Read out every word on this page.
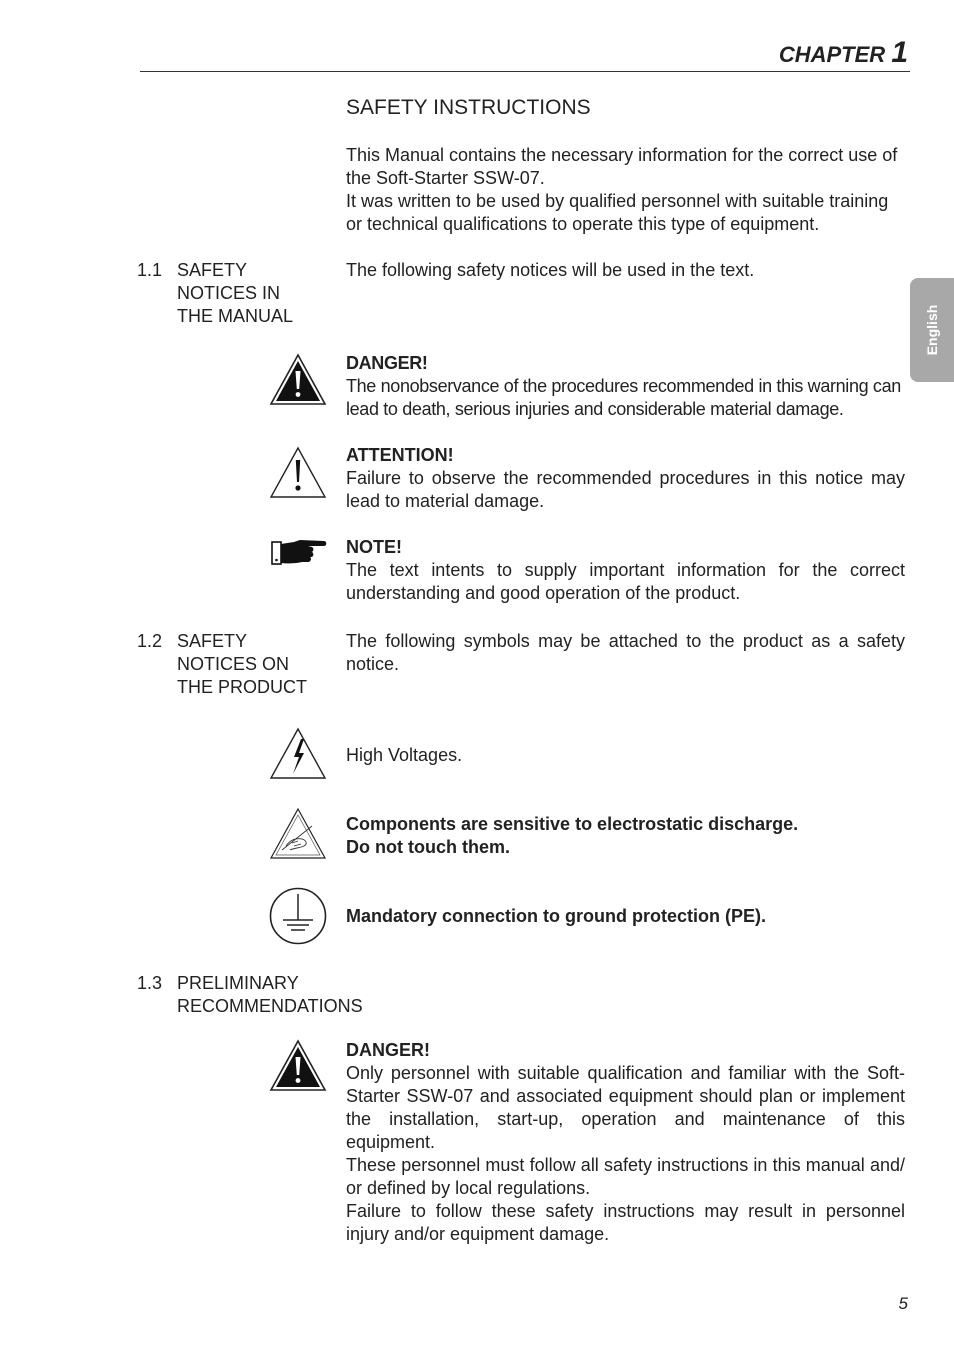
CHAPTER 1
English
SAFETY INSTRUCTIONS

This Manual contains the necessary information for the correct use of the Soft-Starter SSW-07.

It was written to be used by qualified personnel with suitable training or technical qualifications to operate this type of equipment.

1.1 SAFETY
NOTICES IN
THE MANUAL
The following safety notices will be used in the text.

DANGER!

The nonobservance of the procedures recommended in this warning can lead to death, serious injuries and considerable material damage.

ATTENTION!

Failure to observe the recommended procedures in this notice may lead to material damage.

NOTE!

The text intents to supply important information for the correct understanding and good operation of the product.

1.2 SAFETY
NOTICES ON
THE PRODUCT

The following symbols may be attached to the product as a safety notice.

High Voltages.

Components are sensitive to electrostatic discharge.

Do not touch them.

Mandatory connection to ground protection (PE).
1.3 PRELIMINARY
RECOMMENDATIONS

DANGER!

Only personnel with suitable qualification and familiar with the Soft-Starter SSW-07 and associated equipment should plan or implement the installation, start-up, operation and maintenance of this equipment.

These personnel must follow all safety instructions in this manual and/ or defined by local regulations.

Failure to follow these safety instructions may result in personnel injury and/or equipment damage.

5
